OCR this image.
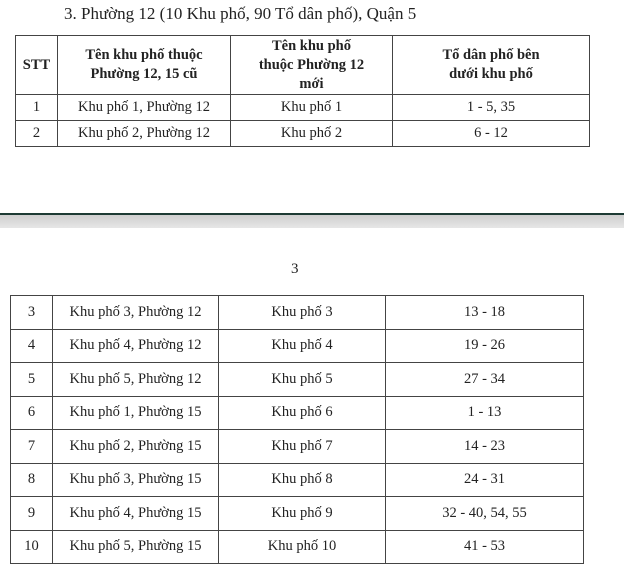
3. Phường 12 (10 Khu phố, 90 Tổ dân phố), Quận 5
STT	Tên khu phố thuộc Phường 12, 15 cũ	Tên khu phố thuộc Phường 12 mới	Tổ dân phố bên dưới khu phố
1	Khu phố 1, Phường 12	Khu phố 1	1 - 5, 35
2	Khu phố 2, Phường 12	Khu phố 2	6 - 12
3
3	Khu phố 3, Phường 12	Khu phố 3	13 - 18
4	Khu phố 4, Phường 12	Khu phố 4	19 - 26
5	Khu phố 5, Phường 12	Khu phố 5	27 - 34
6	Khu phố 1, Phường 15	Khu phố 6	1 - 13
7	Khu phố 2, Phường 15	Khu phố 7	14 - 23
8	Khu phố 3, Phường 15	Khu phố 8	24 - 31
9	Khu phố 4, Phường 15	Khu phố 9	32 - 40, 54, 55
10	Khu phố 5, Phường 15	Khu phố 10	41 - 53
